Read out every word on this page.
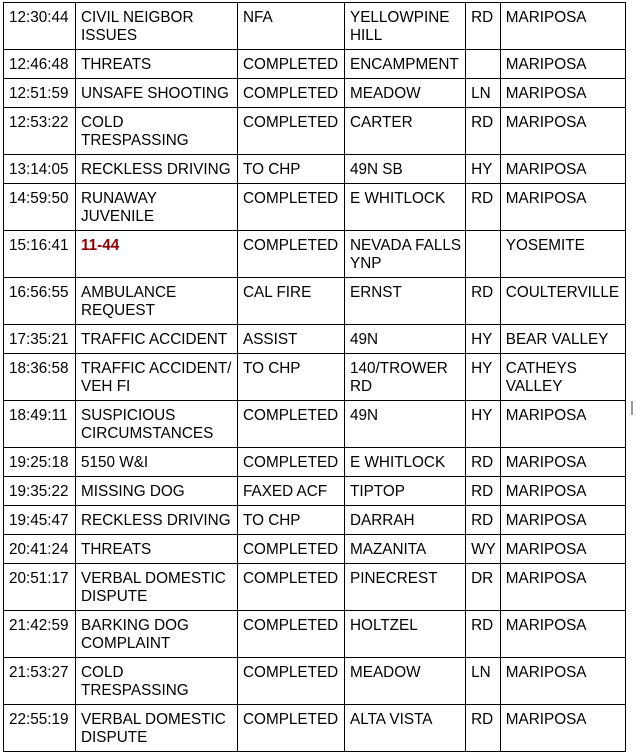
12:30:44	CIVIL NEIGBOR
ISSUES	NFA	YELLOWPINE
HILL	RD	MARIPOSA
12:46:48	THREATS	COMPLETED	ENCAMPMENT		MARIPOSA
12:51:59	UNSAFE SHOOTING	COMPLETED	MEADOW	LN	MARIPOSA
12:53:22	COLD
TRESPASSING	COMPLETED	CARTER	RD	MARIPOSA
13:14:05	RECKLESS DRIVING	TO CHP	49N SB	HY	MARIPOSA
14:59:50	RUNAWAY
JUVENILE	COMPLETED	E WHITLOCK	RD	MARIPOSA
15:16:41	11-44	COMPLETED	NEVADA FALLS
YNP		YOSEMITE
16:56:55	AMBULANCE
REQUEST	CAL FIRE	ERNST	RD	COULTERVILLE
17:35:21	TRAFFIC ACCIDENT	ASSIST	49N	HY	BEAR VALLEY
18:36:58	TRAFFIC ACCIDENT/
VEH FI	TO CHP	140/TROWER
RD	HY	CATHEYS VALLEY
18:49:11	SUSPICIOUS
CIRCUMSTANCES	COMPLETED	49N	HY	MARIPOSA
19:25:18	5150 W&I	COMPLETED	E WHITLOCK	RD	MARIPOSA
19:35:22	MISSING DOG	FAXED ACF	TIPTOP	RD	MARIPOSA
19:45:47	RECKLESS DRIVING	TO CHP	DARRAH	RD	MARIPOSA
20:41:24	THREATS	COMPLETED	MAZANITA	WY	MARIPOSA
20:51:17	VERBAL DOMESTIC
DISPUTE	COMPLETED	PINECREST	DR	MARIPOSA
21:42:59	BARKING DOG
COMPLAINT	COMPLETED	HOLTZEL	RD	MARIPOSA
21:53:27	COLD
TRESPASSING	COMPLETED	MEADOW	LN	MARIPOSA
22:55:19	VERBAL DOMESTIC
DISPUTE	COMPLETED	ALTA VISTA	RD	MARIPOSA
